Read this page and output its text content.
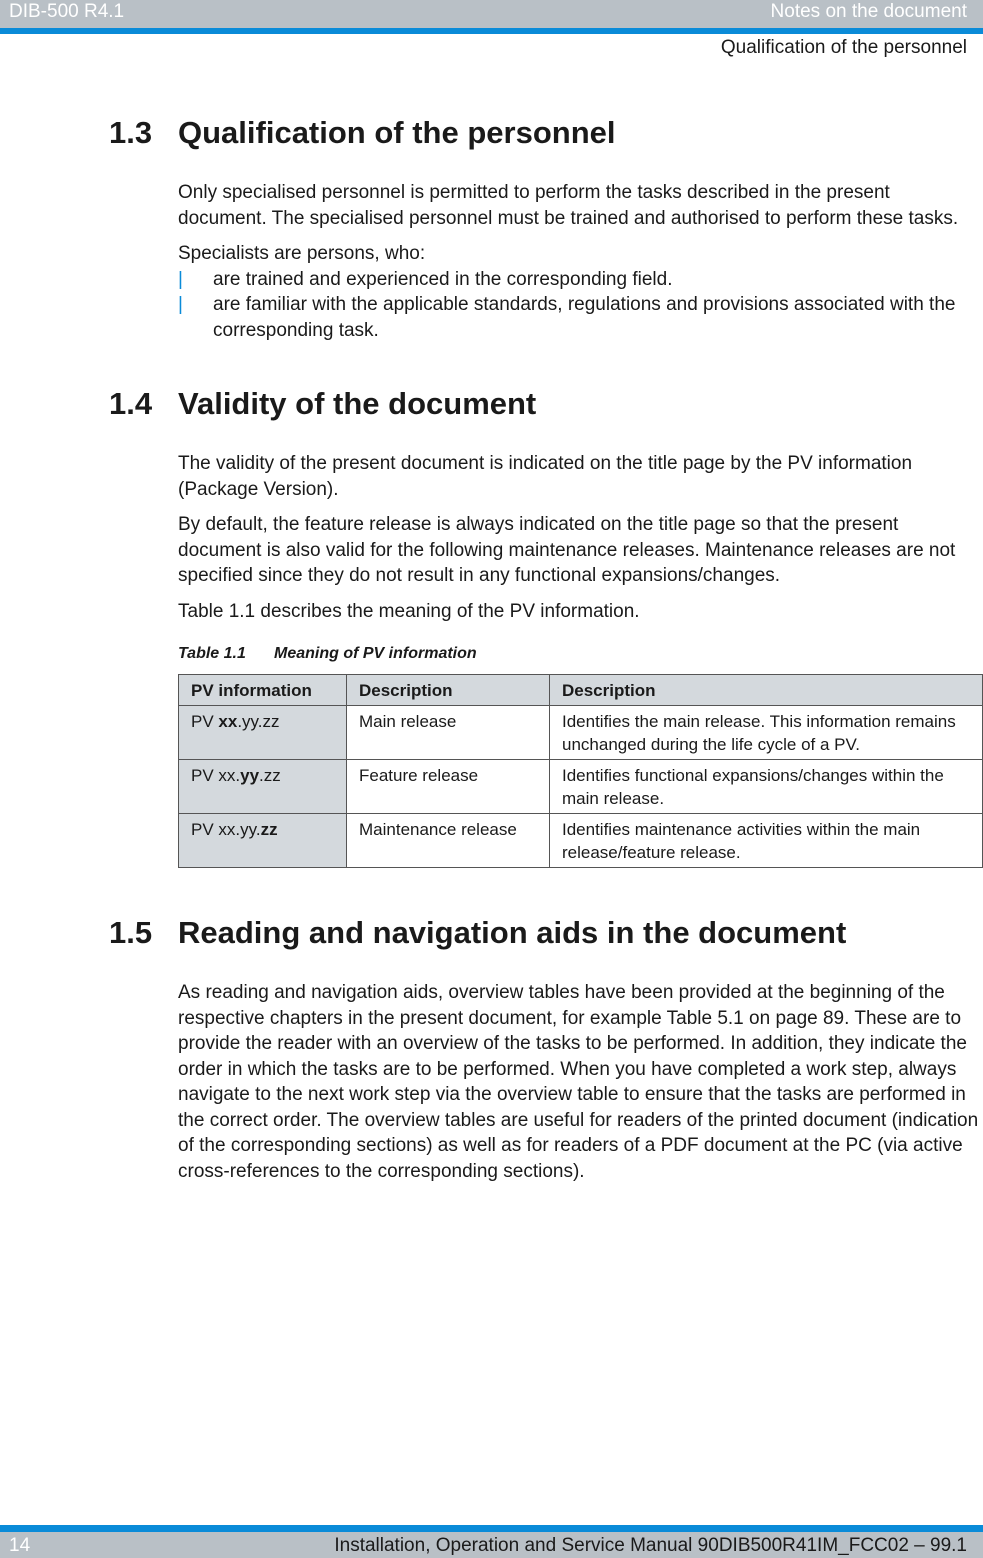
DIB-500 R4.1	Notes on the document
Qualification of the personnel
1.3 Qualification of the personnel

Only specialised personnel is permitted to perform the tasks described in the present document. The specialised personnel must be trained and authorised to perform these tasks.

Specialists are persons, who:

|	are trained and experienced in the corresponding field.
|	are familiar with the applicable standards, regulations and provisions associated with the corresponding task.
1.4 Validity of the document

The validity of the present document is indicated on the title page by the PV information (Package Version).

By default, the feature release is always indicated on the title page so that the present document is also valid for the following maintenance releases. Maintenance releases are not specified since they do not result in any functional expansions/changes.

Table 1.1 describes the meaning of the PV information.

Table 1.1 Meaning of PV information

PV information	Description	Description
PV xx.yy.zz	Main release	Identifies the main release. This information remains unchanged during the life cycle of a PV.
PV xx.yy.zz	Feature release	Identifies functional expansions/changes within the main release.
PV xx.yy.zz	Maintenance release	Identifies maintenance activities within the main release/feature release.
1.5 Reading and navigation aids in the document

As reading and navigation aids, overview tables have been provided at the beginning of the respective chapters in the present document, for example Table 5.1 on page 89. These are to provide the reader with an overview of the tasks to be performed. In addition, they indicate the order in which the tasks are to be performed. When you have completed a work step, always navigate to the next work step via the overview table to ensure that the tasks are performed in the correct order. The overview tables are useful for readers of the printed document (indication of the corresponding sections) as well as for readers of a PDF document at the PC (via active cross-references to the corresponding sections).

14	Installation, Operation and Service Manual 90DIB500R41IM_FCC02 – 99.1
